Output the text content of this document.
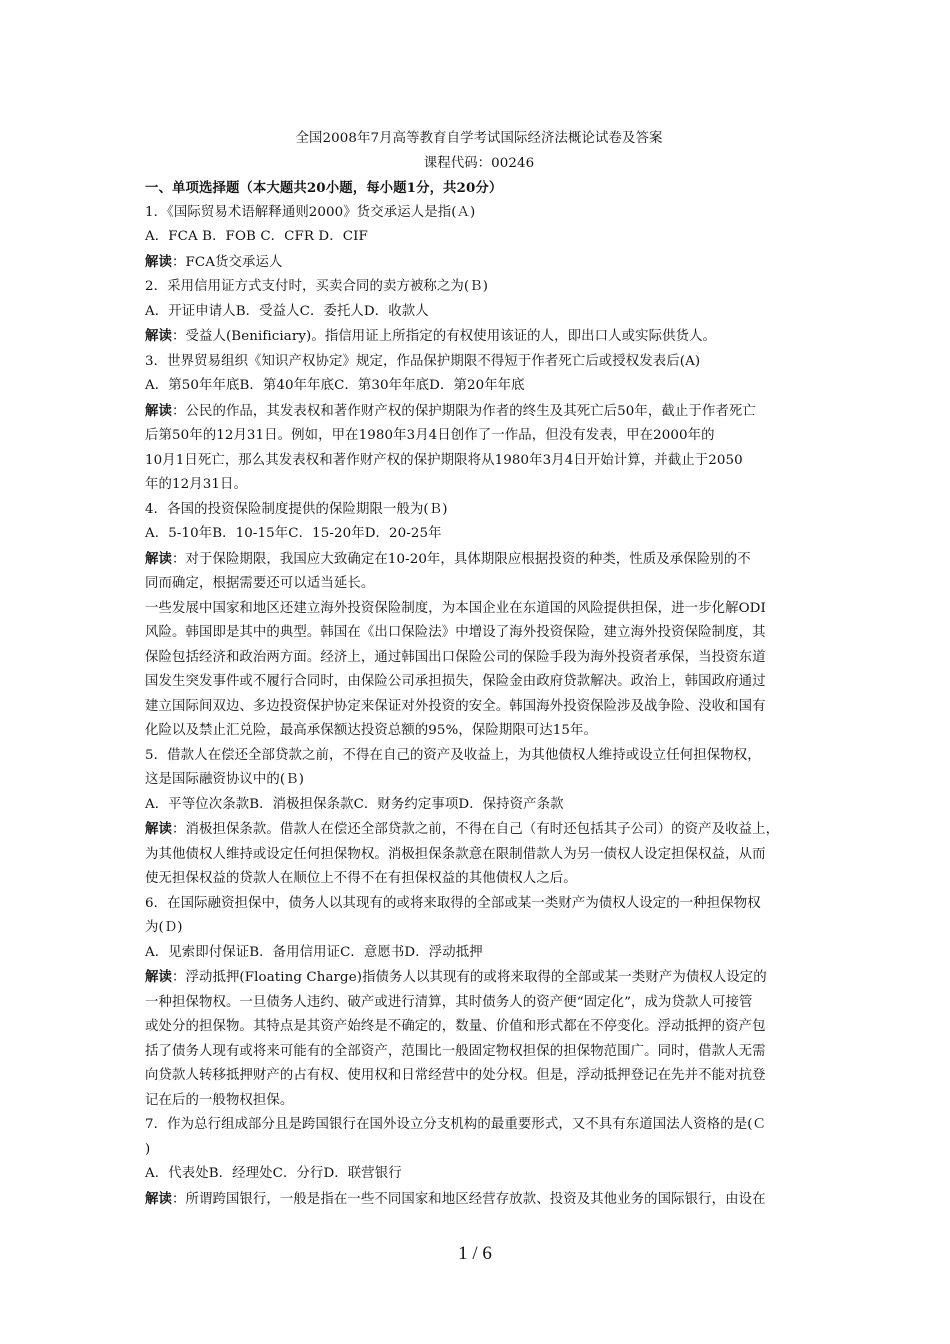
全国2008年7月高等教育自学考试国际经济法概论试卷及答案
课程代码：00246
一、单项选择题（本大题共20小题，每小题1分，共20分）
1．《国际贸易术语解释通则2000》货交承运人是指(Ａ)
A．FCA B．FOB C．CFR D．CIF
解读：FCA货交承运人
2．采用信用证方式支付时，买卖合同的卖方被称之为(Ｂ)
A．开证申请人B．受益人C．委托人D．收款人
解读：受益人(Benificiary)。指信用证上所指定的有权使用该证的人，即出口人或实际供货人。
3．世界贸易组织《知识产权协定》规定，作品保护期限不得短于作者死亡后或授权发表后(A)
A．第50年年底B．第40年年底C．第30年年底D．第20年年底
解读：公民的作品，其发表权和著作财产权的保护期限为作者的终生及其死亡后50年，截止于作者死亡
后第50年的12月31日。例如，甲在1980年3月4日创作了一作品，但没有发表，甲在2000年的
10月1日死亡，那么其发表权和著作财产权的保护期限将从1980年3月4日开始计算，并截止于2050
年的12月31日。
4．各国的投资保险制度提供的保险期限一般为(Ｂ)
A．5-10年B．10-15年C．15-20年D．20-25年
解读：对于保险期限，我国应大致确定在10-20年，具体期限应根据投资的种类，性质及承保险别的不
同而确定，根据需要还可以适当延长。
一些发展中国家和地区还建立海外投资保险制度，为本国企业在东道国的风险提供担保，进一步化解ODI
风险。韩国即是其中的典型。韩国在《出口保险法》中增设了海外投资保险，建立海外投资保险制度，其
保险包括经济和政治两方面。经济上，通过韩国出口保险公司的保险手段为海外投资者承保，当投资东道
国发生突发事件或不履行合同时，由保险公司承担损失，保险金由政府贷款解决。政治上，韩国政府通过
建立国际间双边、多边投资保护协定来保证对外投资的安全。韩国海外投资保险涉及战争险、没收和国有
化险以及禁止汇兑险，最高承保额达投资总额的95%，保险期限可达15年。
5．借款人在偿还全部贷款之前，不得在自己的资产及收益上，为其他债权人维持或设立任何担保物权，
这是国际融资协议中的(Ｂ)
A．平等位次条款B．消极担保条款C．财务约定事项D．保持资产条款
解读：消极担保条款。借款人在偿还全部贷款之前，不得在自己（有时还包括其子公司）的资产及收益上，
为其他债权人维持或设定任何担保物权。消极担保条款意在限制借款人为另一债权人设定担保权益，从而
使无担保权益的贷款人在顺位上不得不在有担保权益的其他债权人之后。
6．在国际融资担保中，债务人以其现有的或将来取得的全部或某一类财产为债权人设定的一种担保物权
为(Ｄ)
A．见索即付保证B．备用信用证C．意愿书D．浮动抵押
解读：浮动抵押(Floating Charge)指债务人以其现有的或将来取得的全部或某一类财产为债权人设定的
一种担保物权。一旦债务人违约、破产或进行清算，其时债务人的资产便“固定化”，成为贷款人可接管
或处分的担保物。其特点是其资产始终是不确定的，数量、价值和形式都在不停变化。浮动抵押的资产包
括了债务人现有或将来可能有的全部资产，范围比一般固定物权担保的担保物范围广。同时，借款人无需
向贷款人转移抵押财产的占有权、使用权和日常经营中的处分权。但是，浮动抵押登记在先并不能对抗登
记在后的一般物权担保。
7．作为总行组成部分且是跨国银行在国外设立分支机构的最重要形式，又不具有东道国法人资格的是(Ｃ
)
A．代表处B．经理处C．分行D．联营银行
解读：所谓跨国银行，一般是指在一些不同国家和地区经营存放款、投资及其他业务的国际银行，由设在
1 / 6
